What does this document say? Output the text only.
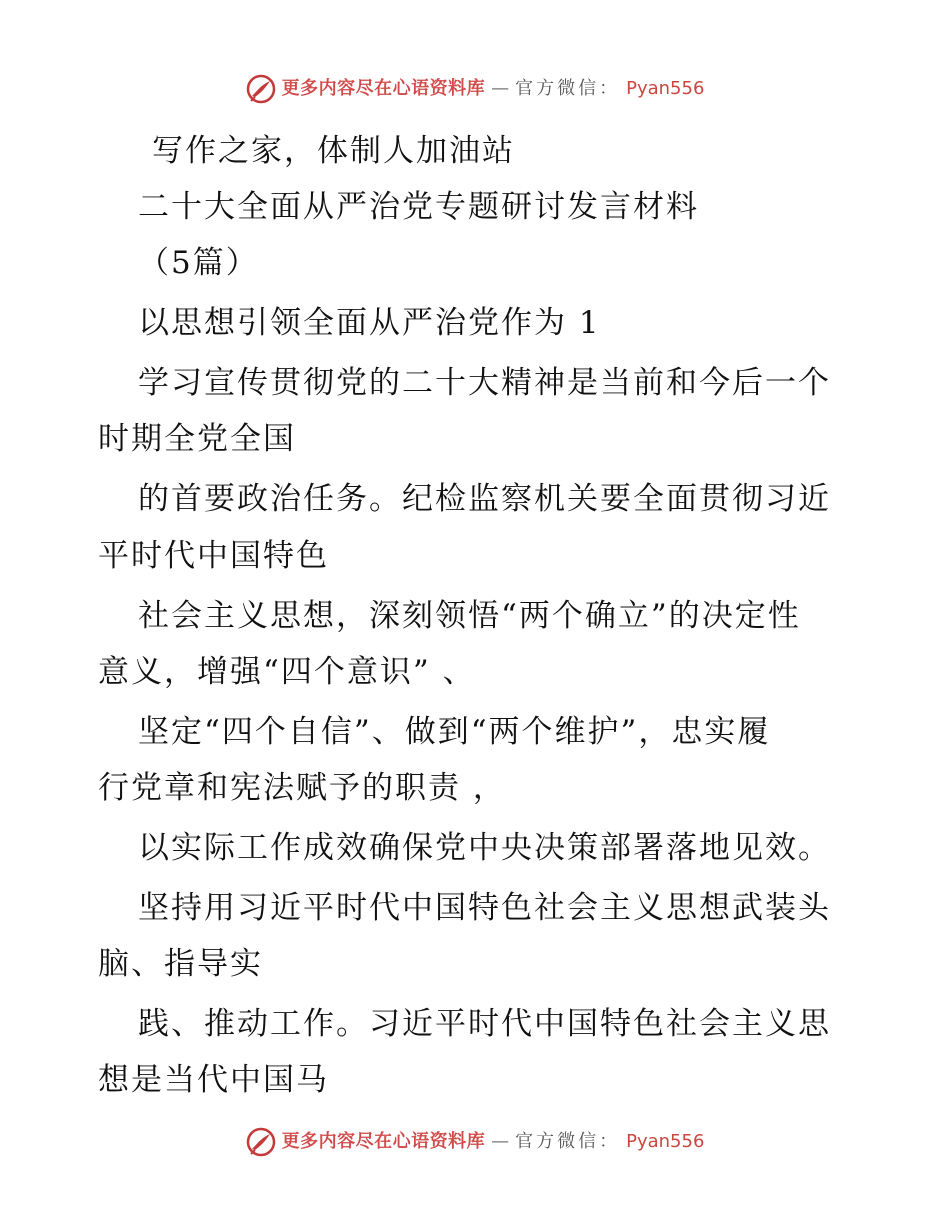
更多内容尽在心语资料库 — 官方微信： Pyan556
写作之家，体制人加油站
二十大全面从严治党专题研讨发言材料
（5篇）
以思想引领全面从严治党作为 1
学习宣传贯彻党的二十大精神是当前和今后一个
时期全党全国
的首要政治任务。纪检监察机关要全面贯彻习近
平时代中国特色
社会主义思想，深刻领悟“两个确立”的决定性
意义，增强“四个意识” 、
坚定“四个自信”、做到“两个维护”，忠实履
行党章和宪法赋予的职责 ，
以实际工作成效确保党中央决策部署落地见效。
坚持用习近平时代中国特色社会主义思想武装头
脑、指导实
践、推动工作。习近平时代中国特色社会主义思
想是当代中国马
更多内容尽在心语资料库 — 官方微信： Pyan556
